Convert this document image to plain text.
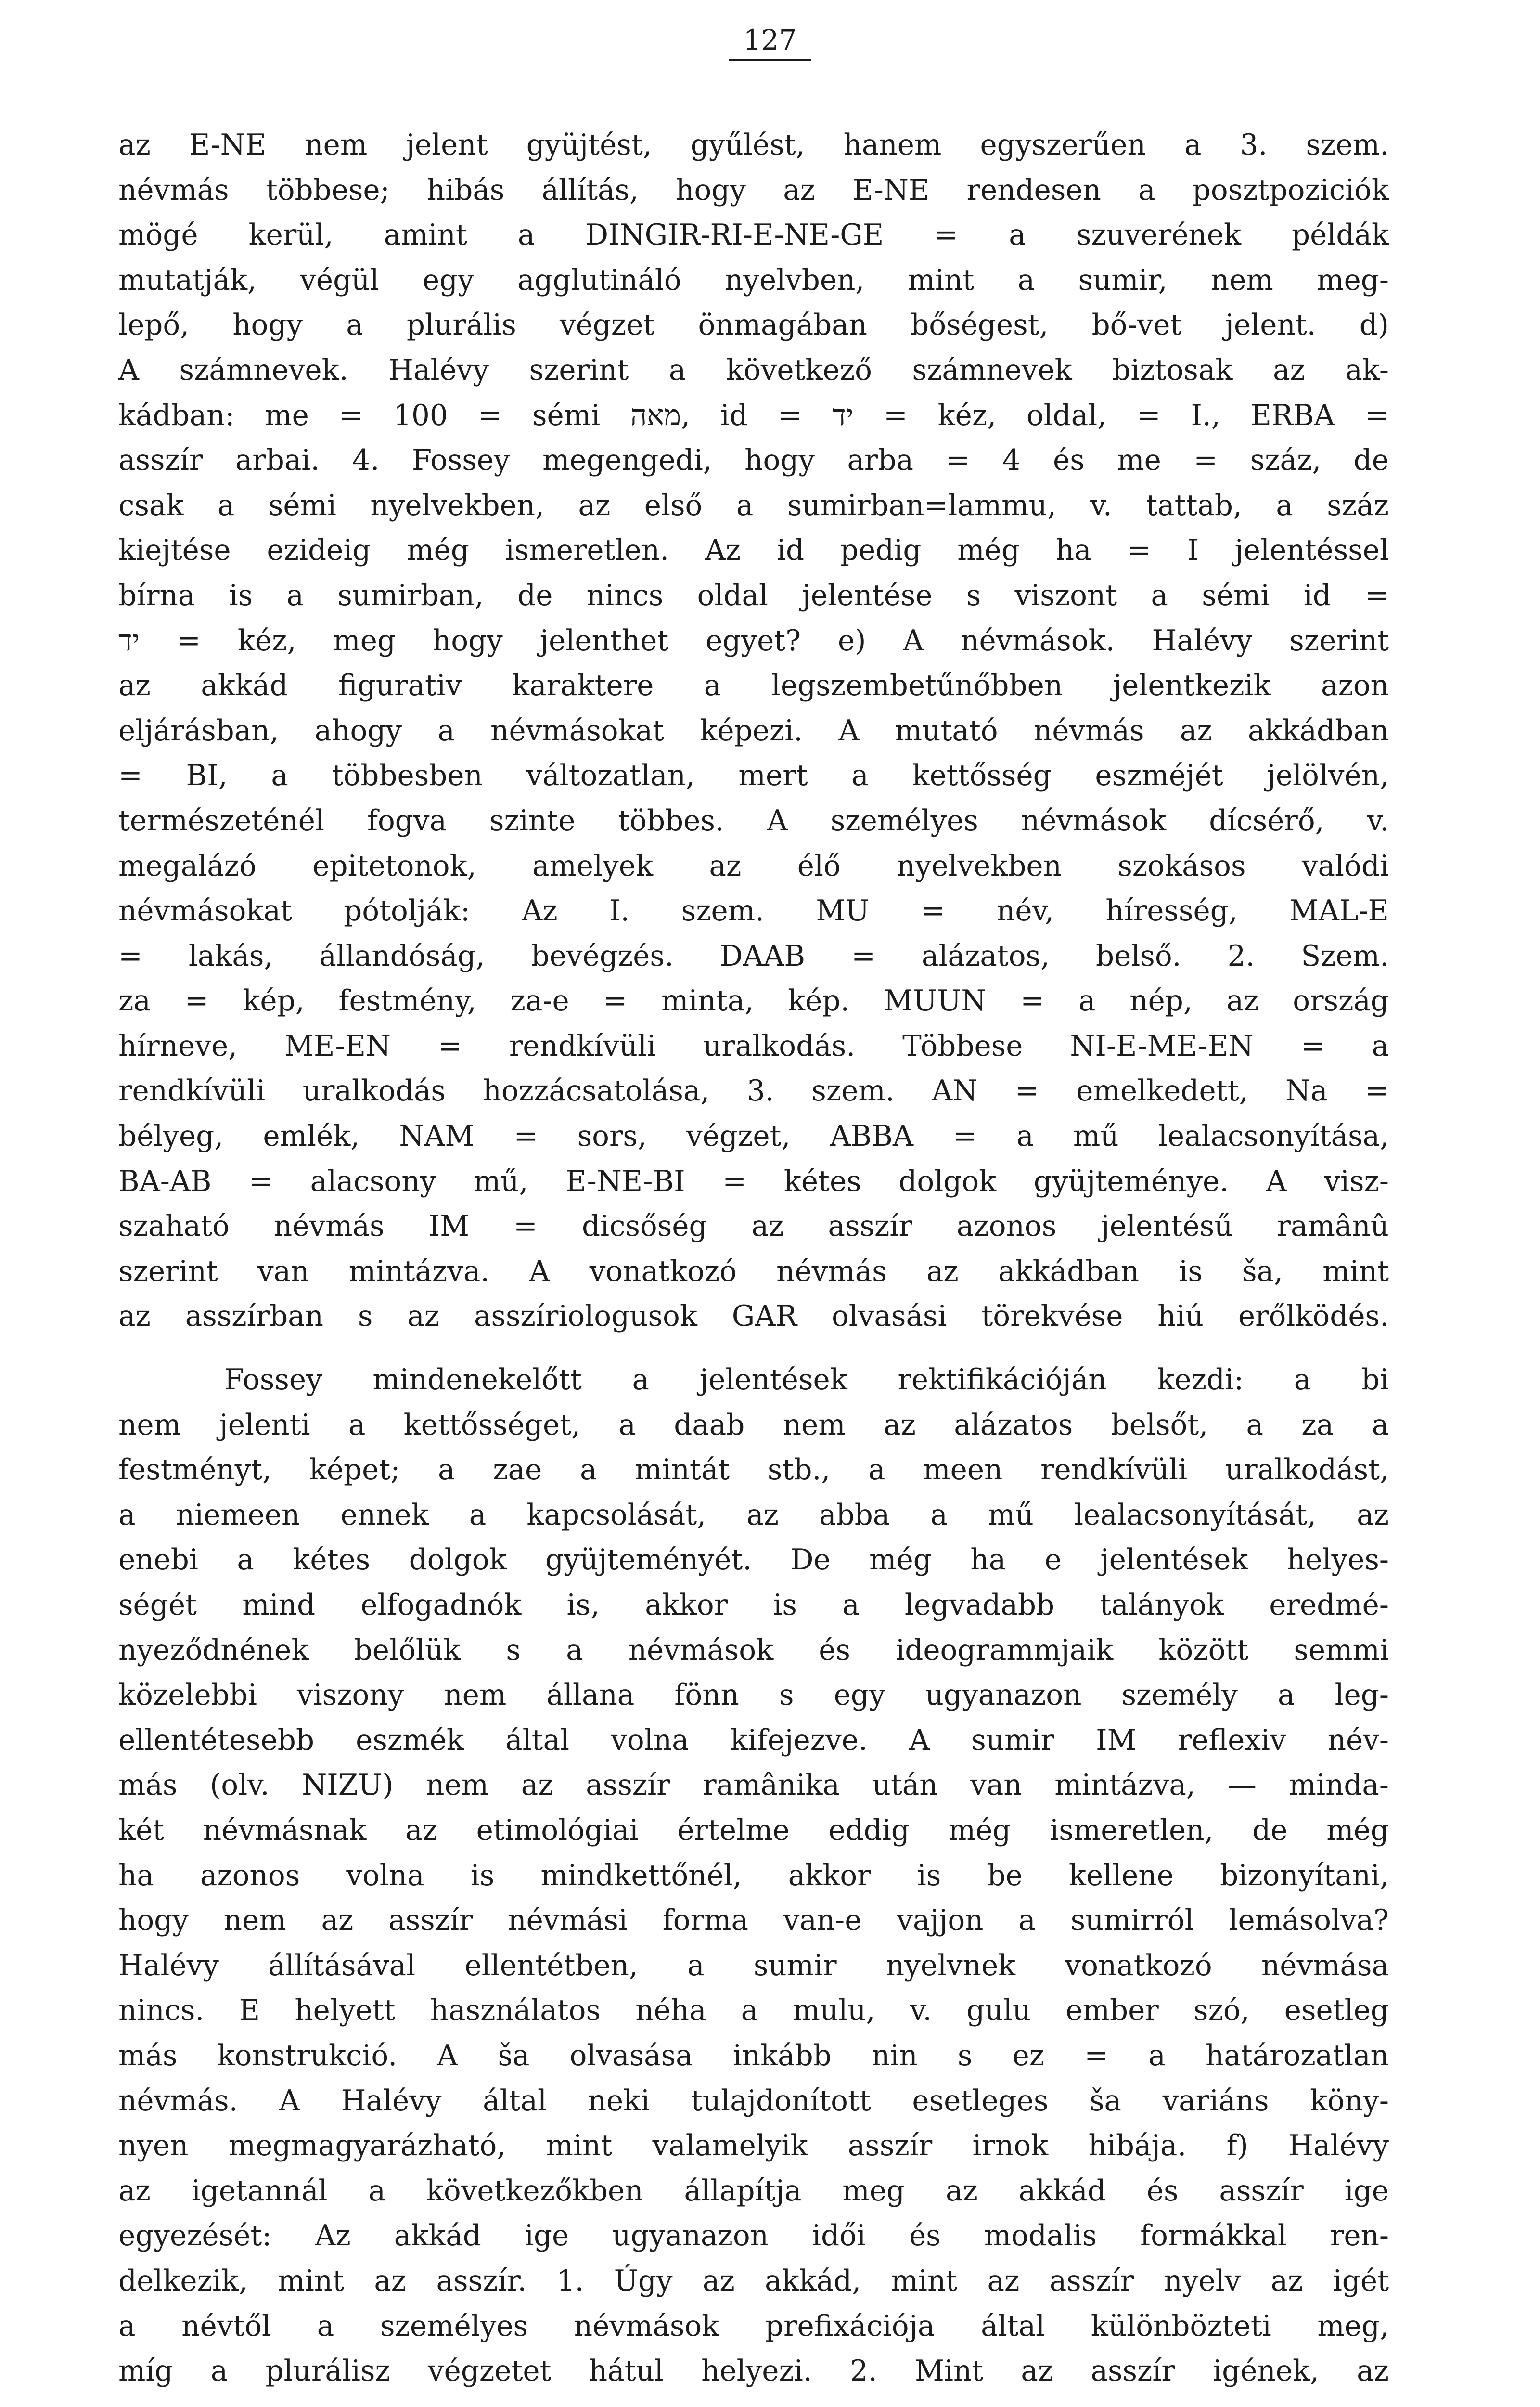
127
az E-NE nem jelent gyüjtést, gyűlést, hanem egyszerűen a 3. szem.
névmás többese; hibás állítás, hogy az E-NE rendesen a posztpoziciók
mögé kerül, amint a DINGIR-RI-E-NE-GE = a szuverének példák
mutatják, végül egy agglutináló nyelvben, mint a sumir, nem meg-
lepő, hogy a plurális végzet önmagában bőségest, bő-vet jelent. d)
A számnevek. Halévy szerint a következő számnevek biztosak az ak-
kádban: me = 100 = sémi מאה, id = יד = kéz, oldal, = I., ERBA =
asszír arbai. 4. Fossey megengedi, hogy arba = 4 és me = száz, de
csak a sémi nyelvekben, az első a sumirban=lammu, v. tattab, a száz
kiejtése ezideig még ismeretlen. Az id pedig még ha = I jelentéssel
bírna is a sumirban, de nincs oldal jelentése s viszont a sémi id =
יד = kéz, meg hogy jelenthet egyet? e) A névmások. Halévy szerint
az akkád figurativ karaktere a legszembetűnőbben jelentkezik azon
eljárásban, ahogy a névmásokat képezi. A mutató névmás az akkádban
= BI, a többesben változatlan, mert a kettősség eszméjét jelölvén,
természeténél fogva szinte többes. A személyes névmások dícsérő, v.
megalázó epitetonok, amelyek az élő nyelvekben szokásos valódi
névmásokat pótolják: Az I. szem. MU = név, híresség, MAL-E
= lakás, állandóság, bevégzés. DAAB = alázatos, belső. 2. Szem.
za = kép, festmény, za-e = minta, kép. MUUN = a nép, az ország
hírneve, ME-EN = rendkívüli uralkodás. Többese NI-E-ME-EN = a
rendkívüli uralkodás hozzácsatolása, 3. szem. AN = emelkedett, Na =
bélyeg, emlék, NAM = sors, végzet, ABBA = a mű lealacsonyítása,
BA-AB = alacsony mű, E-NE-BI = kétes dolgok gyüjteménye. A visz-
szaható névmás IM = dicsőség az asszír azonos jelentésű ramânû
szerint van mintázva. A vonatkozó névmás az akkádban is ša, mint
az asszírban s az asszíriologusok GAR olvasási törekvése hiú erőlködés.
Fossey mindenekelőtt a jelentések rektifikációján kezdi: a bi
nem jelenti a kettősséget, a daab nem az alázatos belsőt, a za a
festményt, képet; a zae a mintát stb., a meen rendkívüli uralkodást,
a niemeen ennek a kapcsolását, az abba a mű lealacsonyítását, az
enebi a kétes dolgok gyüjteményét. De még ha e jelentések helyes-
ségét mind elfogadnók is, akkor is a legvadabb talányok eredmé-
nyeződnének belőlük s a névmások és ideogrammjaik között semmi
közelebbi viszony nem állana fönn s egy ugyanazon személy a leg-
ellentétesebb eszmék által volna kifejezve. A sumir IM reflexiv név-
más (olv. NIZU) nem az asszír ramânika után van mintázva, — minda-
két névmásnak az etimológiai értelme eddig még ismeretlen, de még
ha azonos volna is mindkettőnél, akkor is be kellene bizonyítani,
hogy nem az asszír névmási forma van-e vajjon a sumirról lemásolva?
Halévy állításával ellentétben, a sumir nyelvnek vonatkozó névmása
nincs. E helyett használatos néha a mulu, v. gulu ember szó, esetleg
más konstrukció. A ša olvasása inkább nin s ez = a határozatlan
névmás. A Halévy által neki tulajdonított esetleges ša variáns köny-
nyen megmagyarázható, mint valamelyik asszír irnok hibája. f) Halévy
az igetannál a következőkben állapítja meg az akkád és asszír ige
egyezését: Az akkád ige ugyanazon idői és modalis formákkal ren-
delkezik, mint az asszír. 1. Úgy az akkád, mint az asszír nyelv az igét
a névtől a személyes névmások prefixációja által különbözteti meg,
míg a plurálisz végzetet hátul helyezi. 2. Mint az asszír igének, az
